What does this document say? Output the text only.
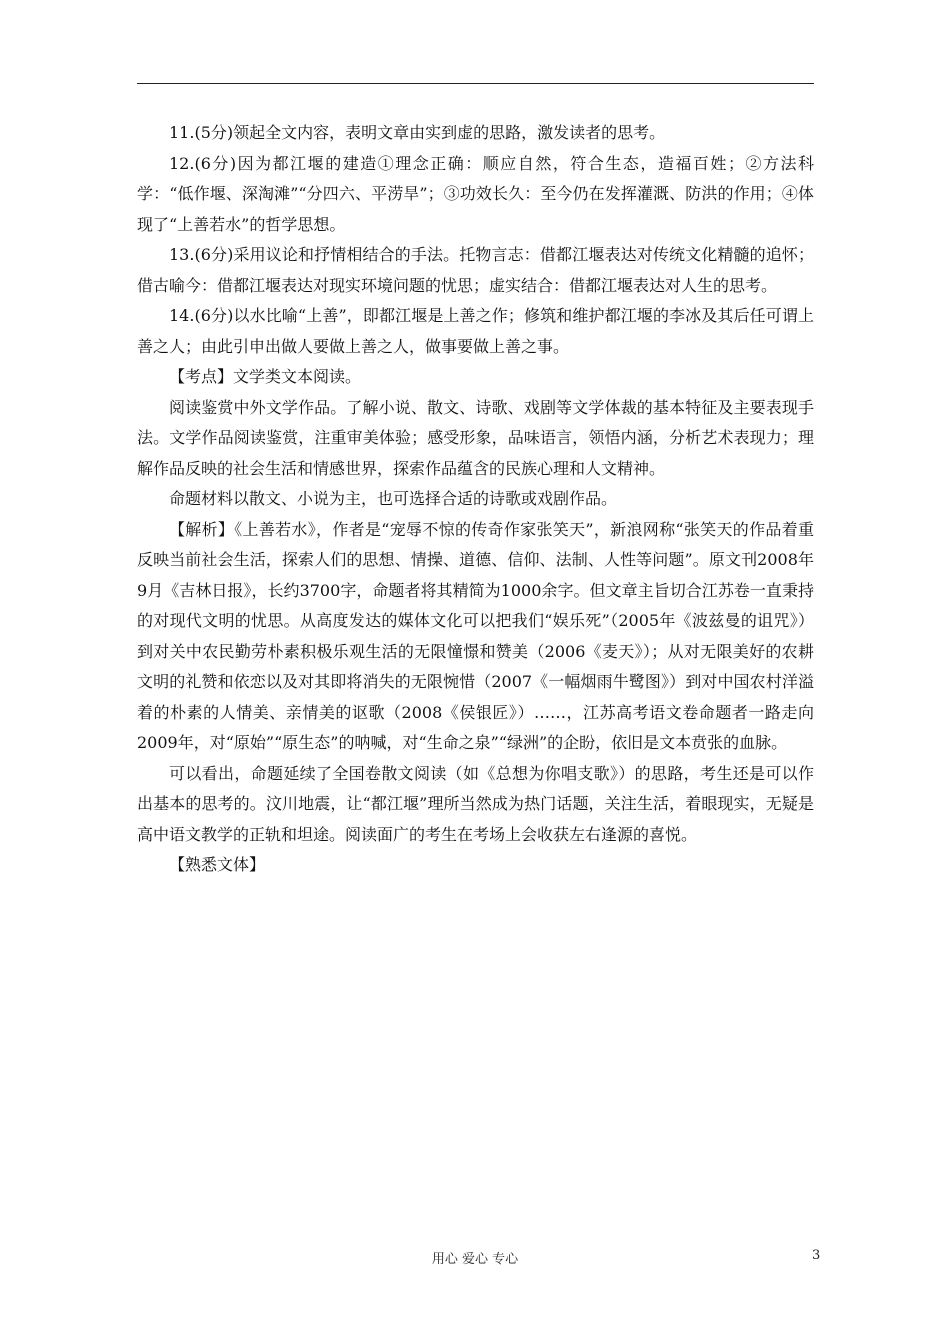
11.(5分)领起全文内容，表明文章由实到虚的思路，激发读者的思考。

12.(6分)因为都江堰的建造①理念正确：顺应自然，符合生态，造福百姓；②方法科学：“低作堰、深淘滩”“分四六、平涝旱”；③功效长久：至今仍在发挥灌溉、防洪的作用；④体现了“上善若水”的哲学思想。

13.(6分)采用议论和抒情相结合的手法。托物言志：借都江堰表达对传统文化精髓的追怀；借古喻今：借都江堰表达对现实环境问题的忧思；虚实结合：借都江堰表达对人生的思考。

14.(6分)以水比喻“上善”，即都江堰是上善之作；修筑和维护都江堰的李冰及其后任可谓上善之人；由此引申出做人要做上善之人，做事要做上善之事。

【考点】文学类文本阅读。

阅读鉴赏中外文学作品。了解小说、散文、诗歌、戏剧等文学体裁的基本特征及主要表现手法。文学作品阅读鉴赏，注重审美体验；感受形象，品味语言，领悟内涵，分析艺术表现力；理解作品反映的社会生活和情感世界，探索作品蕴含的民族心理和人文精神。

命题材料以散文、小说为主，也可选择合适的诗歌或戏剧作品。

【解析】《上善若水》，作者是“宠辱不惊的传奇作家张笑天”，新浪网称“张笑天的作品着重反映当前社会生活，探索人们的思想、情操、道德、信仰、法制、人性等问题”。原文刊2008年9月《吉林日报》，长约3700字，命题者将其精简为1000余字。但文章主旨切合江苏卷一直秉持的对现代文明的忧思。从高度发达的媒体文化可以把我们“娱乐死”（2005年《波兹曼的诅咒》）到对关中农民勤劳朴素积极乐观生活的无限憧憬和赞美（2006《麦天》）；从对无限美好的农耕文明的礼赞和依恋以及对其即将消失的无限惋惜（2007《一幅烟雨牛鹭图》）到对中国农村洋溢着的朴素的人情美、亲情美的讴歌（2008《侯银匠》）……，江苏高考语文卷命题者一路走向2009年，对“原始”“原生态”的呐喊，对“生命之泉”“绿洲”的企盼，依旧是文本贲张的血脉。

可以看出，命题延续了全国卷散文阅读（如《总想为你唱支歌》）的思路，考生还是可以作出基本的思考的。汶川地震，让“都江堰”理所当然成为热门话题，关注生活，着眼现实，无疑是高中语文教学的正轨和坦途。阅读面广的考生在考场上会收获左右逢源的喜悦。

【熟悉文体】

用心 爱心 专心	3
